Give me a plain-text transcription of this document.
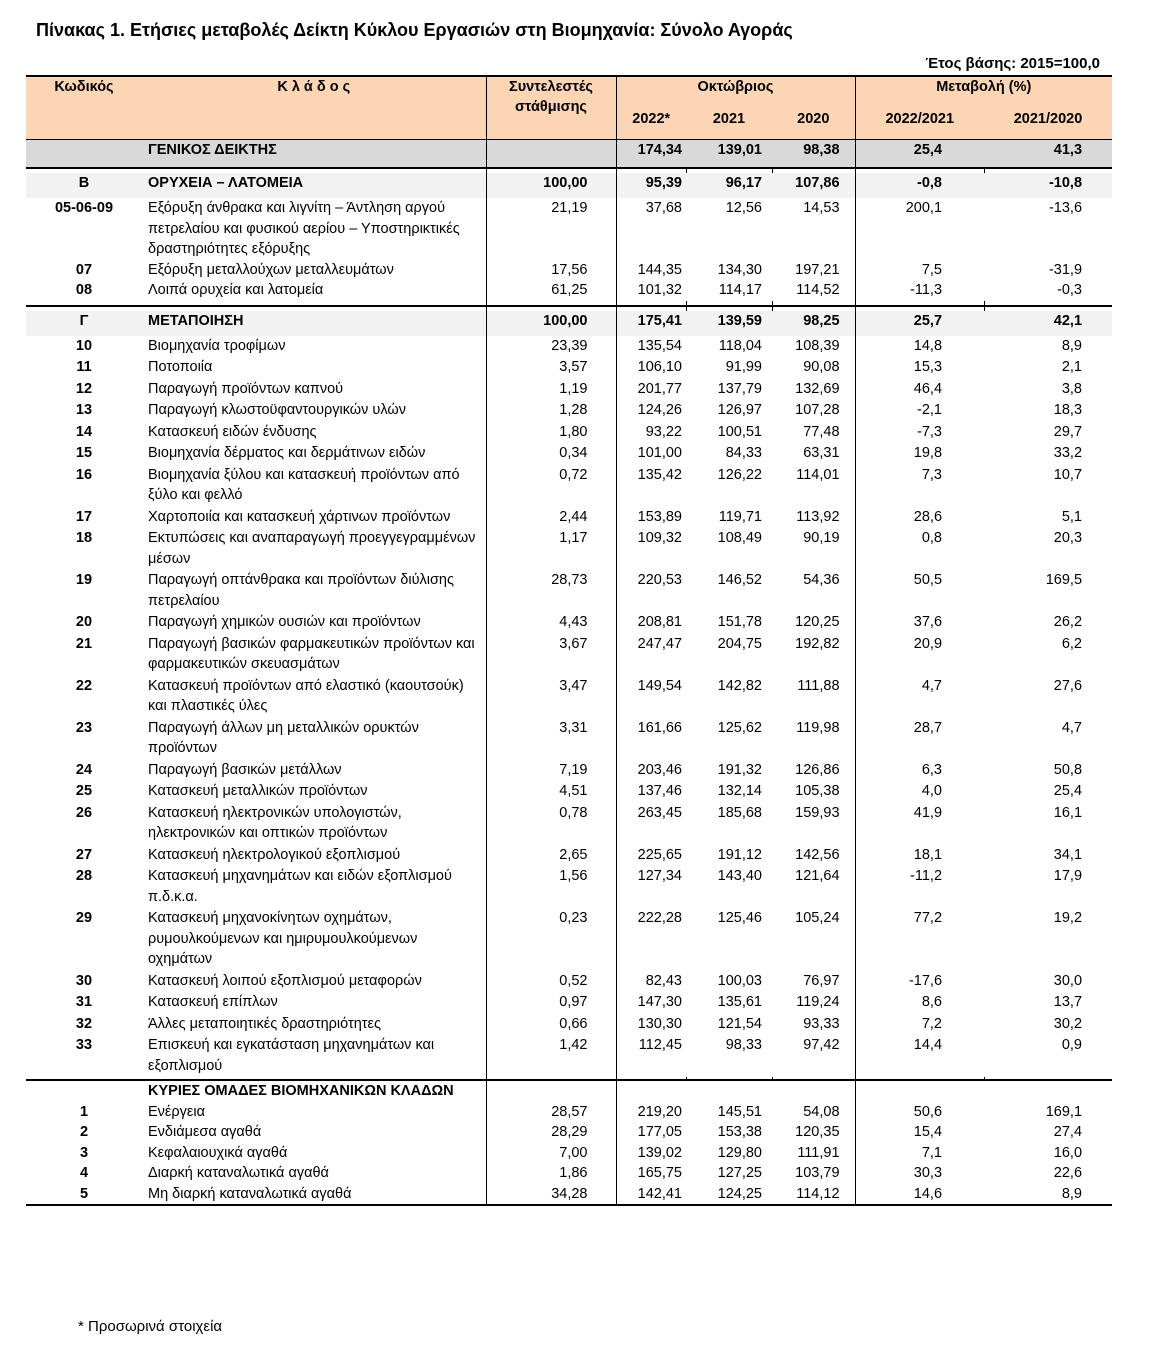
Πίνακας 1. Ετήσιες μεταβολές Δείκτη Κύκλου Εργασιών στη Βιομηχανία: Σύνολο Αγοράς
Έτος βάσης: 2015=100,0
Κωδικός	Κ λ ά δ ο ς	Συντελεστές στάθμισης	Οκτώβριος			Μεταβολή (%)	
			2022*	2021	2020	2022/2021	2021/2020
	ΓΕΝΙΚΟΣ ΔΕΙΚΤΗΣ		174,34	139,01	98,38	25,4	41,3

Β	ΟΡΥΧΕΙΑ – ΛΑΤΟΜΕΙΑ	100,00	95,39	96,17	107,86	-0,8	-10,8
05-06-09	Εξόρυξη άνθρακα και λιγνίτη – Άντληση αργού πετρελαίου και φυσικού αερίου – Υποστηρικτικές δραστηριότητες εξόρυξης	21,19	37,68	12,56	14,53	200,1	-13,6
07	Εξόρυξη μεταλλούχων μεταλλευμάτων	17,56	144,35	134,30	197,21	7,5	-31,9
08	Λοιπά ορυχεία και λατομεία	61,25	101,32	114,17	114,52	-11,3	-0,3

Γ	ΜΕΤΑΠΟΙΗΣΗ	100,00	175,41	139,59	98,25	25,7	42,1
10	Βιομηχανία τροφίμων	23,39	135,54	118,04	108,39	14,8	8,9
11	Ποτοποιία	3,57	106,10	91,99	90,08	15,3	2,1
12	Παραγωγή προϊόντων καπνού	1,19	201,77	137,79	132,69	46,4	3,8
13	Παραγωγή κλωστοϋφαντουργικών υλών	1,28	124,26	126,97	107,28	-2,1	18,3
14	Κατασκευή ειδών ένδυσης	1,80	93,22	100,51	77,48	-7,3	29,7
15	Βιομηχανία δέρματος και δερμάτινων ειδών	0,34	101,00	84,33	63,31	19,8	33,2
16	Βιομηχανία ξύλου και κατασκευή προϊόντων από ξύλο και φελλό	0,72	135,42	126,22	114,01	7,3	10,7
17	Χαρτοποιία και κατασκευή χάρτινων προϊόντων	2,44	153,89	119,71	113,92	28,6	5,1
18	Εκτυπώσεις και αναπαραγωγή προεγγεγραμμένων μέσων	1,17	109,32	108,49	90,19	0,8	20,3
19	Παραγωγή οπτάνθρακα και προϊόντων διύλισης πετρελαίου	28,73	220,53	146,52	54,36	50,5	169,5
20	Παραγωγή χημικών ουσιών και προϊόντων	4,43	208,81	151,78	120,25	37,6	26,2
21	Παραγωγή βασικών φαρμακευτικών προϊόντων και φαρμακευτικών σκευασμάτων	3,67	247,47	204,75	192,82	20,9	6,2
22	Κατασκευή προϊόντων από ελαστικό (καουτσούκ) και πλαστικές ύλες	3,47	149,54	142,82	111,88	4,7	27,6
23	Παραγωγή άλλων μη μεταλλικών ορυκτών προϊόντων	3,31	161,66	125,62	119,98	28,7	4,7
24	Παραγωγή βασικών μετάλλων	7,19	203,46	191,32	126,86	6,3	50,8
25	Κατασκευή μεταλλικών προϊόντων	4,51	137,46	132,14	105,38	4,0	25,4
26	Κατασκευή ηλεκτρονικών υπολογιστών, ηλεκτρονικών και οπτικών προϊόντων	0,78	263,45	185,68	159,93	41,9	16,1
27	Κατασκευή ηλεκτρολογικού εξοπλισμού	2,65	225,65	191,12	142,56	18,1	34,1
28	Κατασκευή μηχανημάτων και ειδών εξοπλισμού π.δ.κ.α.	1,56	127,34	143,40	121,64	-11,2	17,9
29	Κατασκευή μηχανοκίνητων οχημάτων, ρυμουλκούμενων και ημιρυμουλκούμενων οχημάτων	0,23	222,28	125,46	105,24	77,2	19,2
30	Κατασκευή λοιπού εξοπλισμού μεταφορών	0,52	82,43	100,03	76,97	-17,6	30,0
31	Κατασκευή επίπλων	0,97	147,30	135,61	119,24	8,6	13,7
32	Άλλες μεταποιητικές δραστηριότητες	0,66	130,30	121,54	93,33	7,2	30,2
33	Επισκευή και εγκατάσταση μηχανημάτων και εξοπλισμού	1,42	112,45	98,33	97,42	14,4	0,9

	ΚΥΡΙΕΣ ΟΜΑΔΕΣ ΒΙΟΜΗΧΑΝΙΚΩΝ ΚΛΑΔΩΝ						
1	Ενέργεια	28,57	219,20	145,51	54,08	50,6	169,1
2	Ενδιάμεσα αγαθά	28,29	177,05	153,38	120,35	15,4	27,4
3	Κεφαλαιουχικά αγαθά	7,00	139,02	129,80	111,91	7,1	16,0
4	Διαρκή καταναλωτικά αγαθά	1,86	165,75	127,25	103,79	30,3	22,6
5	Μη διαρκή καταναλωτικά αγαθά	34,28	142,41	124,25	114,12	14,6	8,9
* Προσωρινά στοιχεία
